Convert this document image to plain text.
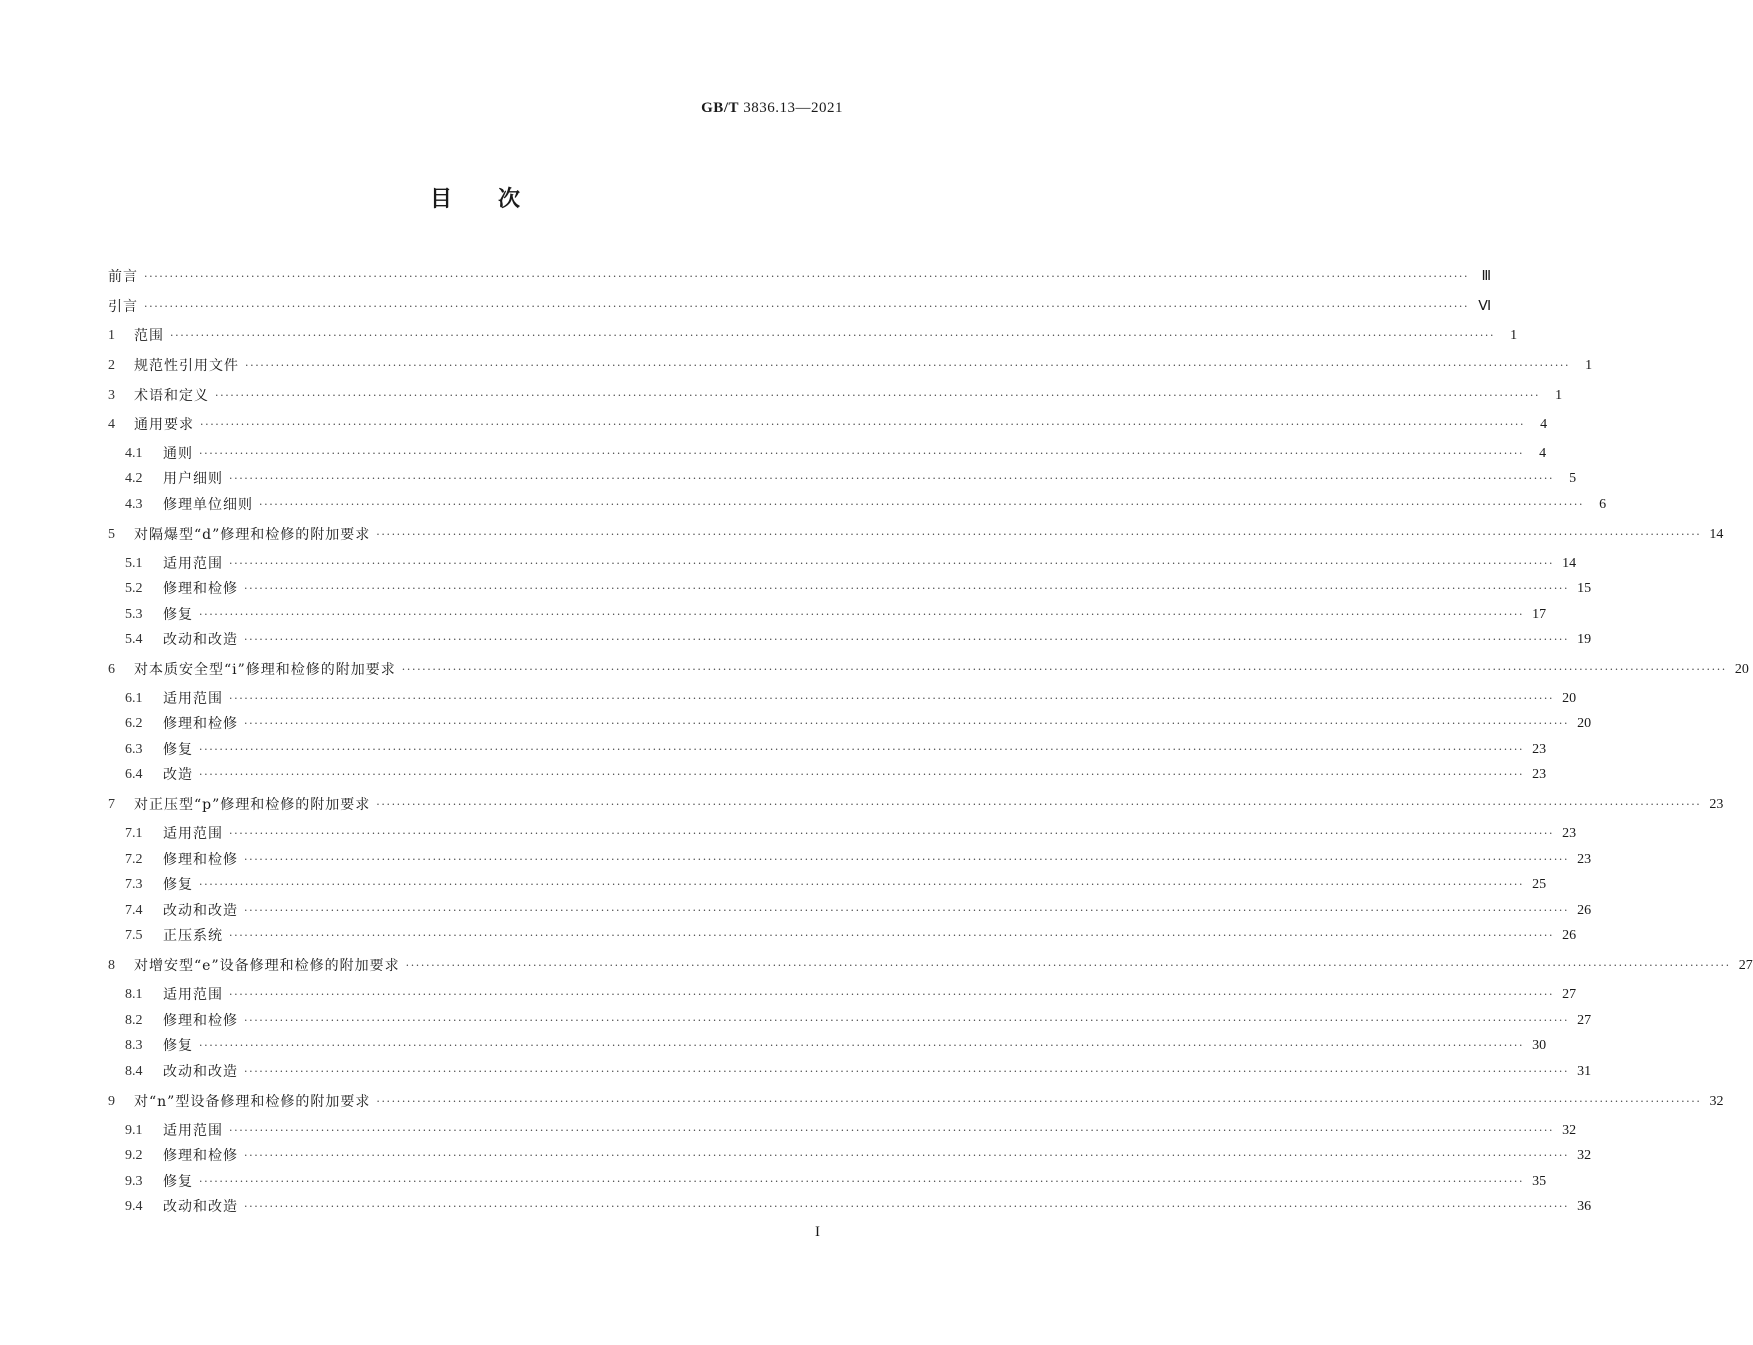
GB/T 3836.13—2021
目次
前言 ···································································································································································································································································· Ⅲ
引言 ···································································································································································································································································· Ⅵ
1	范围 ····································································································································································································································································	1
2	规范性引用文件 ····································································································································································································································································	1
3	术语和定义 ····································································································································································································································································	1
4	通用要求 ····································································································································································································································································	4
4.1	通则 ····································································································································································································································································	4
4.2	用户细则 ····································································································································································································································································	5
4.3	修理单位细则 ····································································································································································································································································	6
5	对隔爆型“d”修理和检修的附加要求 ···································································································································································································································································· 14
5.1	适用范围 ···································································································································································································································································· 14
5.2	修理和检修 ···································································································································································································································································· 15
5.3	修复 ···································································································································································································································································· 17
5.4	改动和改造 ···································································································································································································································································· 19
6	对本质安全型“i”修理和检修的附加要求 ···································································································································································································································································· 20
6.1	适用范围 ···································································································································································································································································· 20
6.2	修理和检修 ···································································································································································································································································· 20
6.3	修复 ···································································································································································································································································· 23
6.4	改造 ···································································································································································································································································· 23
7	对正压型“p”修理和检修的附加要求 ···································································································································································································································································· 23
7.1	适用范围 ···································································································································································································································································· 23
7.2	修理和检修 ···································································································································································································································································· 23
7.3	修复 ···································································································································································································································································· 25
7.4	改动和改造 ···································································································································································································································································· 26
7.5	正压系统 ···································································································································································································································································· 26
8	对增安型“e”设备修理和检修的附加要求 ···································································································································································································································································· 27
8.1	适用范围 ···································································································································································································································································· 27
8.2	修理和检修 ···································································································································································································································································· 27
8.3	修复 ···································································································································································································································································· 30
8.4	改动和改造 ···································································································································································································································································· 31
9	对“n”型设备修理和检修的附加要求 ···································································································································································································································································· 32
9.1	适用范围 ···································································································································································································································································· 32
9.2	修理和检修 ···································································································································································································································································· 32
9.3	修复 ···································································································································································································································································· 35
9.4	改动和改造 ···································································································································································································································································· 36
I
